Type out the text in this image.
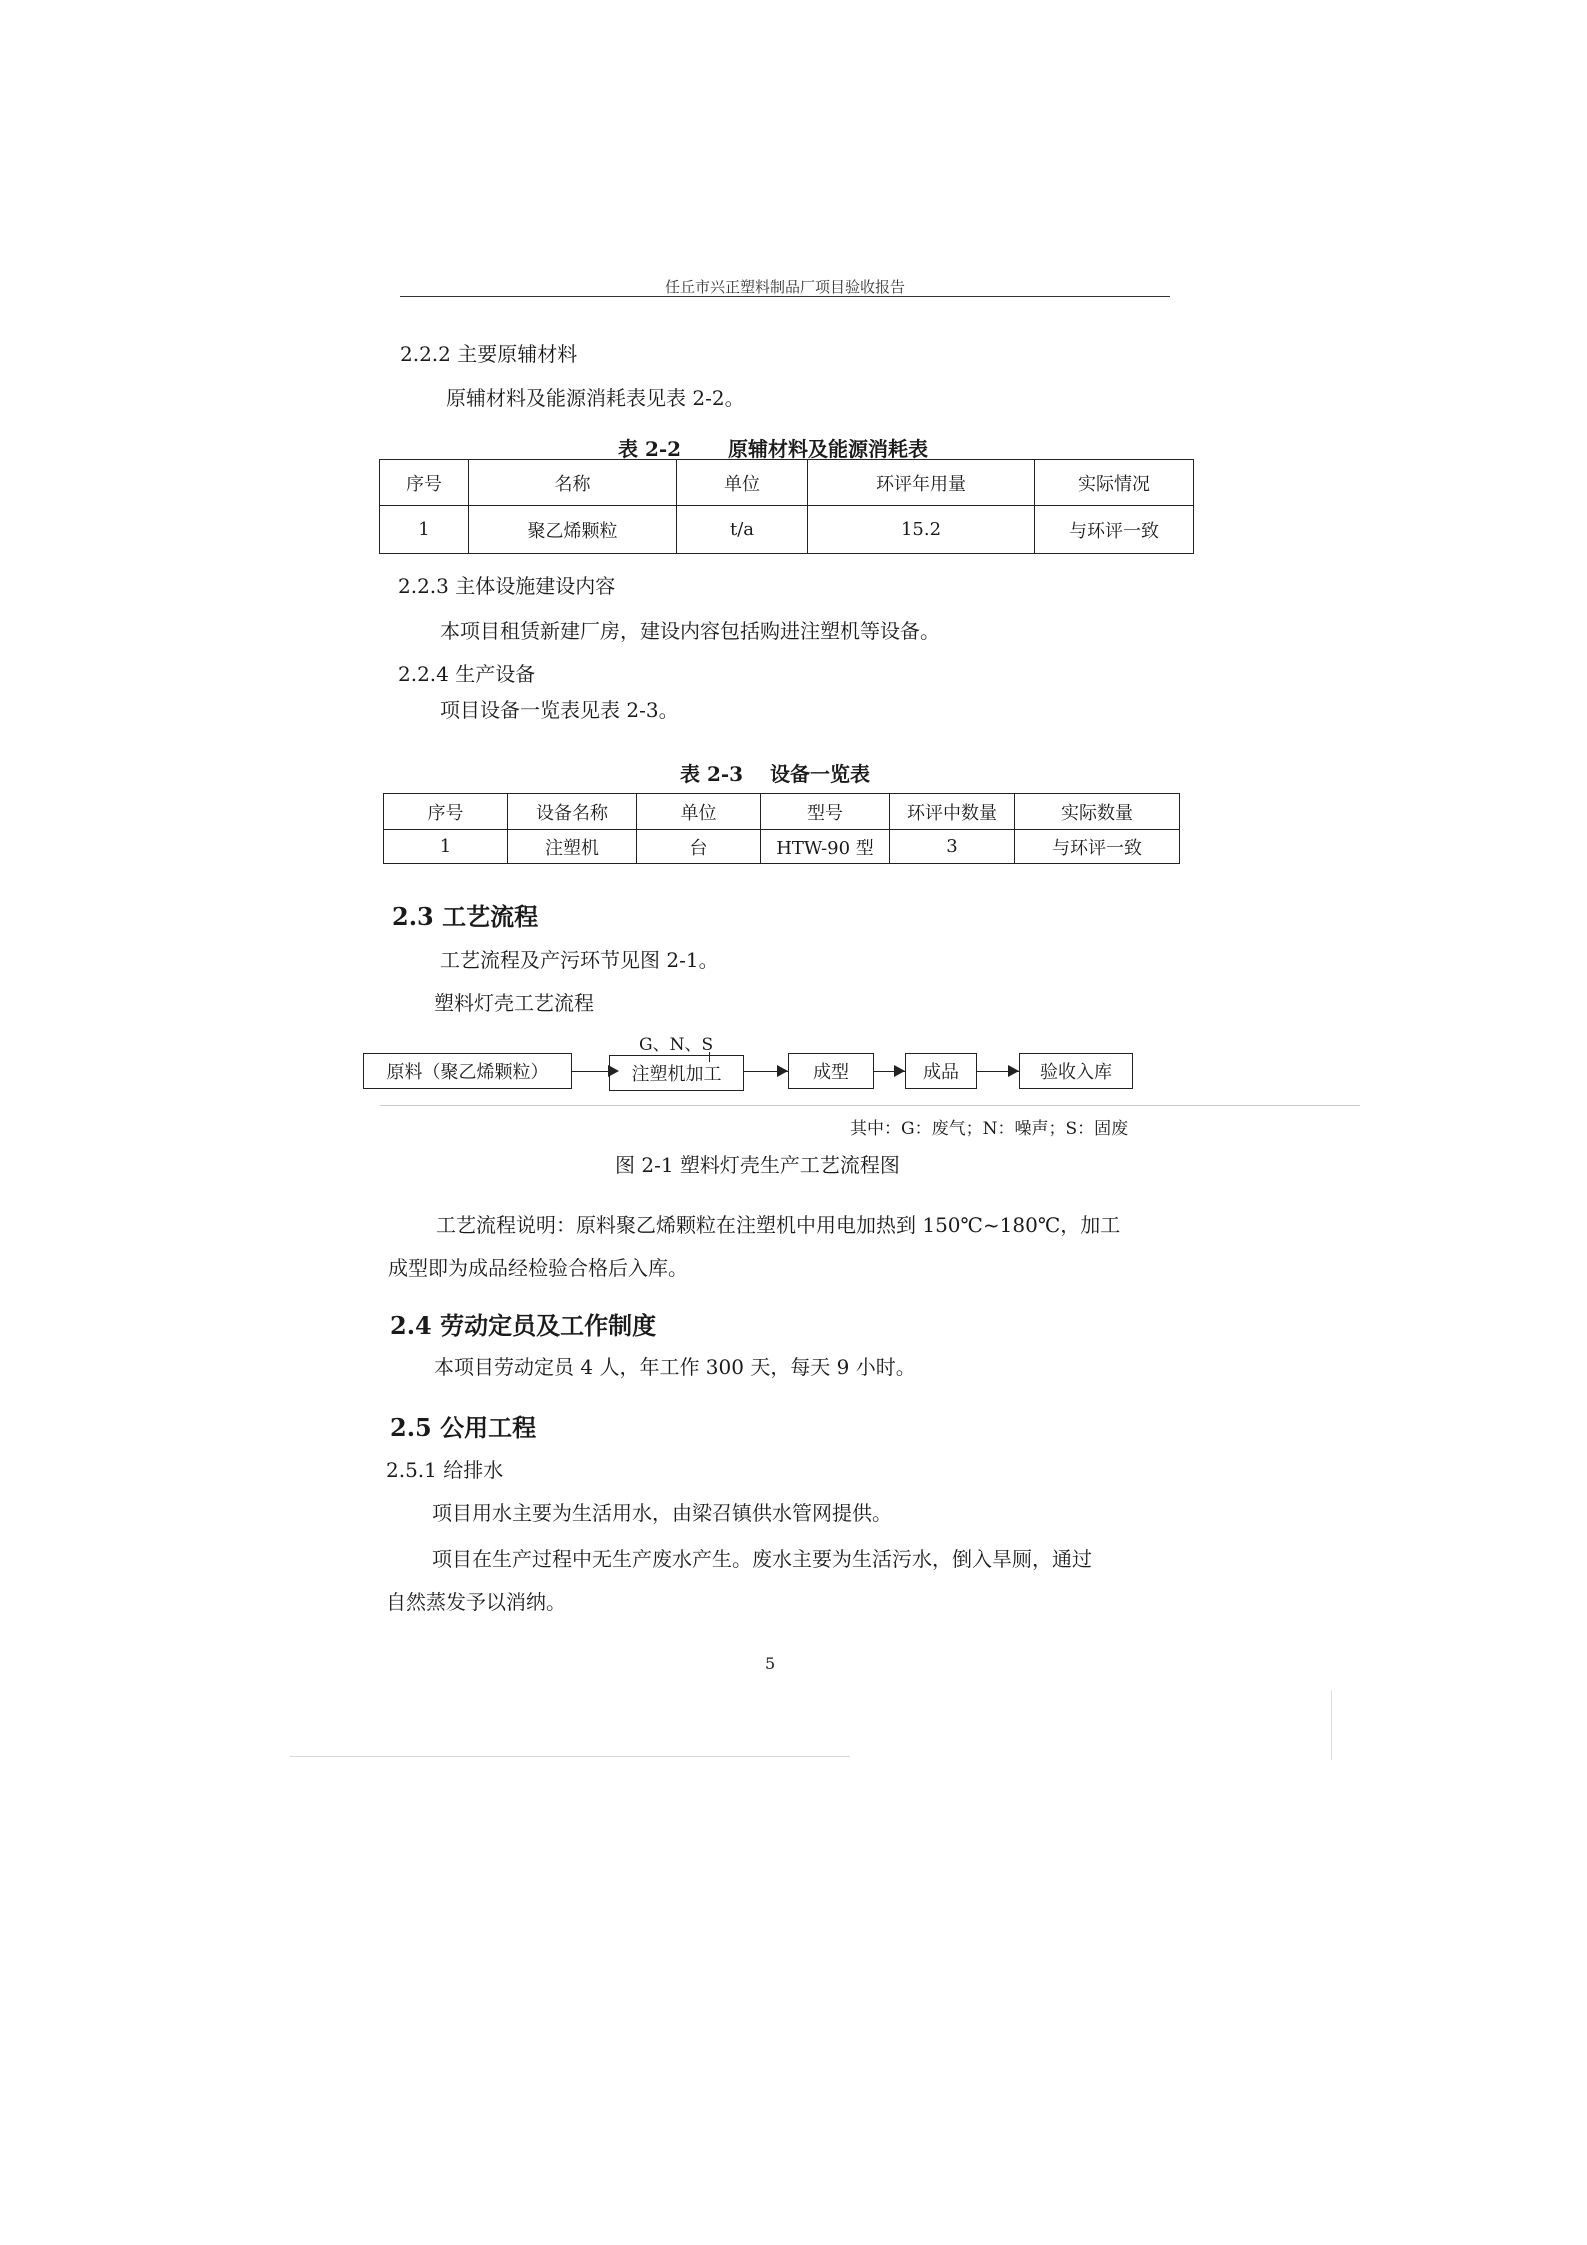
任丘市兴正塑料制品厂项目验收报告
2.2.2 主要原辅材料
原辅材料及能源消耗表见表 2-2。
表 2-2 原辅材料及能源消耗表
序号	名称	单位	环评年用量	实际情况
1	聚乙烯颗粒	t/a	15.2	与环评一致
2.2.3 主体设施建设内容
本项目租赁新建厂房，建设内容包括购进注塑机等设备。
2.2.4 生产设备
项目设备一览表见表 2-3。
表 2-3 设备一览表
序号	设备名称	单位	型号	环评中数量	实际数量
1	注塑机	台	HTW-90 型	3	与环评一致
2.3 工艺流程
工艺流程及产污环节见图 2-1。
塑料灯壳工艺流程
G、N、S
原料（聚乙烯颗粒）	注塑机加工	成型	成品	验收入库
其中：G：废气；N：噪声；S：固废
图 2-1 塑料灯壳生产工艺流程图
工艺流程说明：原料聚乙烯颗粒在注塑机中用电加热到 150℃~180℃，加工
成型即为成品经检验合格后入库。
2.4 劳动定员及工作制度
本项目劳动定员 4 人，年工作 300 天，每天 9 小时。
2.5 公用工程
2.5.1 给排水
项目用水主要为生活用水，由梁召镇供水管网提供。
项目在生产过程中无生产废水产生。废水主要为生活污水，倒入旱厕，通过
自然蒸发予以消纳。
5
